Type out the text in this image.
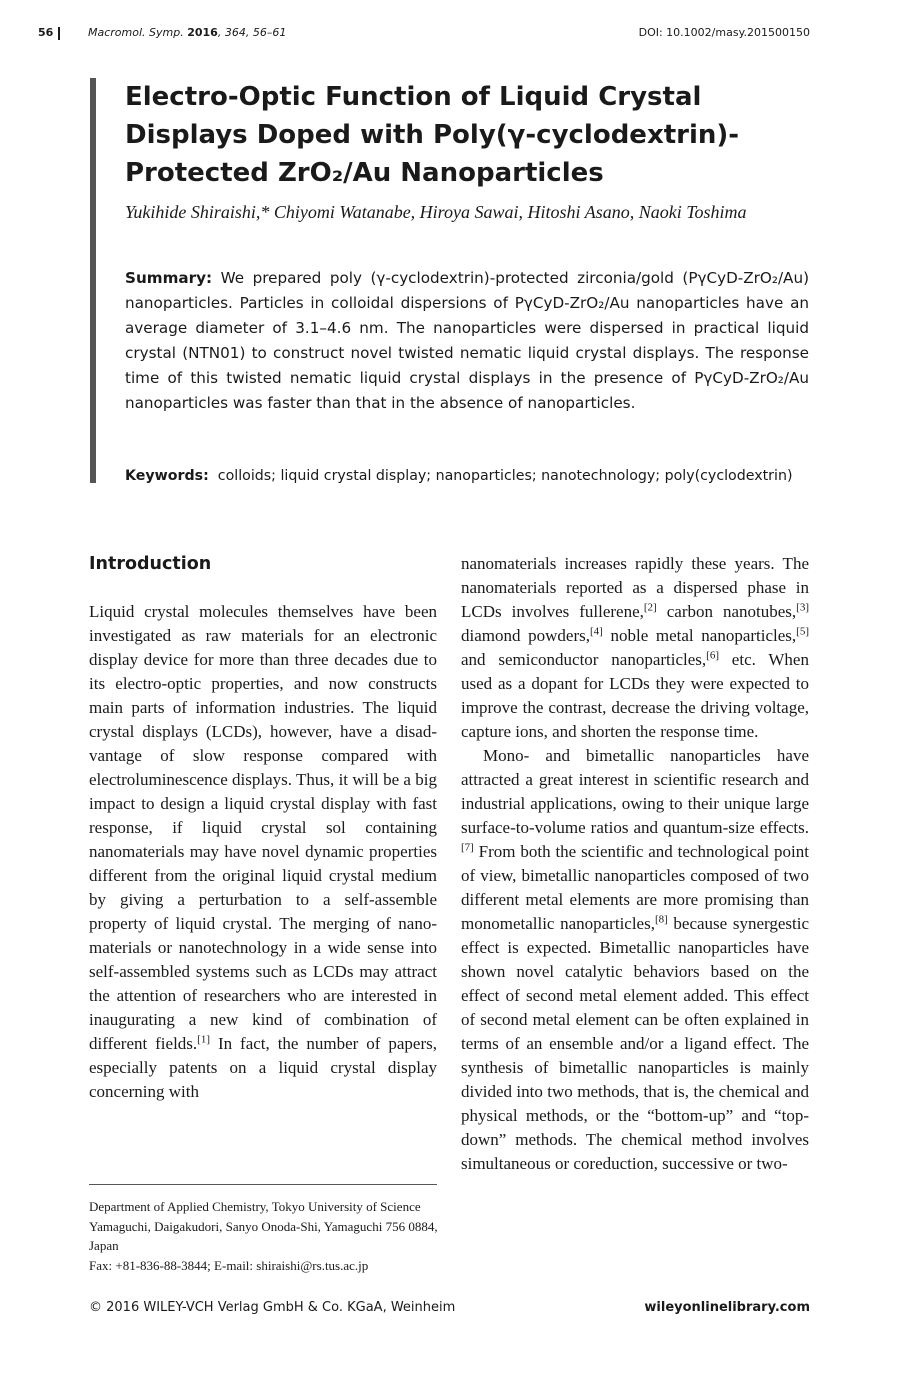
56	Macromol. Symp. 2016, 364, 56–61	DOI: 10.1002/masy.201500150
Electro-Optic Function of Liquid Crystal Displays Doped with Poly(γ-cyclodextrin)-Protected ZrO₂/Au Nanoparticles
Yukihide Shiraishi,* Chiyomi Watanabe, Hiroya Sawai, Hitoshi Asano, Naoki Toshima
Summary: We prepared poly (γ-cyclodextrin)-protected zirconia/gold (PγCyD-ZrO₂/Au) nanoparticles. Particles in colloidal dispersions of PγCyD-ZrO₂/Au nanoparticles have an average diameter of 3.1–4.6 nm. The nanoparticles were dispersed in practical liquid crystal (NTN01) to construct novel twisted nematic liquid crystal displays. The response time of this twisted nematic liquid crystal displays in the presence of PγCyD-ZrO₂/Au nanoparticles was faster than that in the absence of nanoparticles.
Keywords: colloids; liquid crystal display; nanoparticles; nanotechnology; poly(cyclodextrin)
Introduction

Liquid crystal molecules themselves have been investigated as raw materials for an electronic display device for more than three decades due to its electro-optic properties, and now constructs main parts of information industries. The liquid crystal displays (LCDs), however, have a disadvantage of slow response compared with electroluminescence displays. Thus, it will be a big impact to design a liquid crystal display with fast response, if liquid crystal sol containing nanomaterials may have novel dynamic properties different from the original liquid crystal medium by giving a perturbation to a self-assemble property of liquid crystal. The merging of nanomaterials or nanotechnology in a wide sense into self-assembled systems such as LCDs may attract the attention of researchers who are interested in inaugurating a new kind of combination of different fields.[1] In fact, the number of papers, especially patents on a liquid crystal display concerning with

nanomaterials increases rapidly these years. The nanomaterials reported as a dispersed phase in LCDs involves fullerene,[2] carbon nanotubes,[3] diamond powders,[4] noble metal nanoparticles,[5] and semiconductor nanoparticles,[6] etc. When used as a dopant for LCDs they were expected to improve the contrast, decrease the driving voltage, capture ions, and shorten the response time.

Mono- and bimetallic nanoparticles have attracted a great interest in scientific research and industrial applications, owing to their unique large surface-to-volume ratios and quantum-size effects.[7] From both the scientific and technological point of view, bimetallic nanoparticles composed of two different metal elements are more promising than monometallic nanoparticles,[8] because synergestic effect is expected. Bimetallic nanoparticles have shown novel catalytic behaviors based on the effect of second metal element added. This effect of second metal element can be often explained in terms of an ensemble and/or a ligand effect. The synthesis of bimetallic nanoparticles is mainly divided into two methods, that is, the chemical and physical methods, or the “bottom-up” and “top-down” methods. The chemical method involves simultaneous or coreduction, successive or two-

Department of Applied Chemistry, Tokyo University of Science Yamaguchi, Daigakudori, Sanyo Onoda-Shi, Yamaguchi 756 0884, Japan
Fax: +81-836-88-3844; E-mail: shiraishi@rs.tus.ac.jp
© 2016 WILEY-VCH Verlag GmbH & Co. KGaA, Weinheim	wileyonlinelibrary.com
